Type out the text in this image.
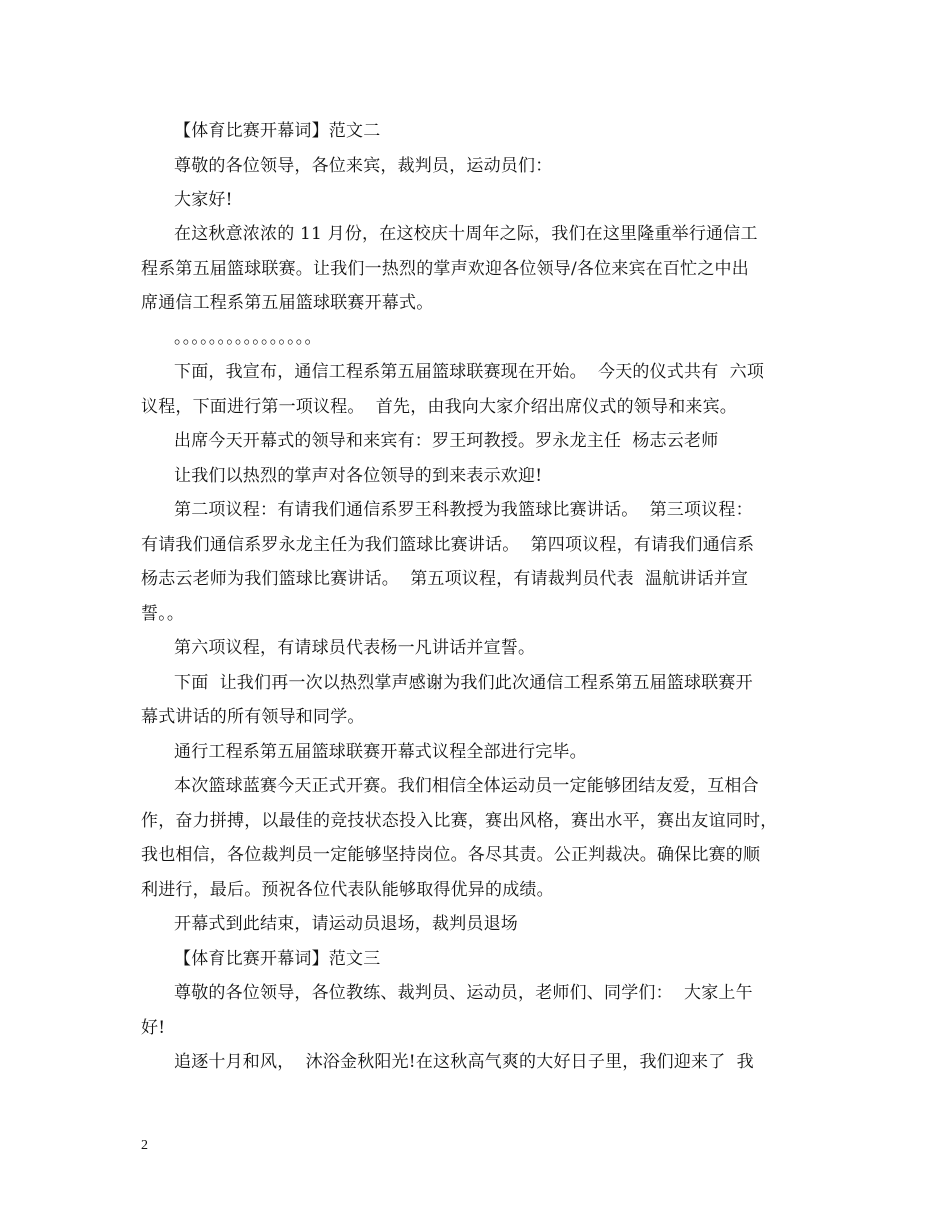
【体育比赛开幕词】范文二
尊敬的各位领导，各位来宾，裁判员，运动员们：
大家好!
在这秋意浓浓的 11 月份，在这校庆十周年之际，我们在这里隆重举行通信工
程系第五届篮球联赛。让我们一热烈的掌声欢迎各位领导/各位来宾在百忙之中出
席通信工程系第五届篮球联赛开幕式。
。。。。。。。。。。。。。。。。
下面，我宣布，通信工程系第五届篮球联赛现在开始。  今天的仪式共有  六项
议程，下面进行第一项议程。  首先，由我向大家介绍出席仪式的领导和来宾。
出席今天开幕式的领导和来宾有：罗王珂教授。罗永龙主任  杨志云老师
让我们以热烈的掌声对各位领导的到来表示欢迎!
第二项议程：有请我们通信系罗王科教授为我篮球比赛讲话。  第三项议程：
有请我们通信系罗永龙主任为我们篮球比赛讲话。  第四项议程，有请我们通信系
杨志云老师为我们篮球比赛讲话。  第五项议程，有请裁判员代表  温航讲话并宣
誓。。
第六项议程，有请球员代表杨一凡讲话并宣誓。
下面  让我们再一次以热烈掌声感谢为我们此次通信工程系第五届篮球联赛开
幕式讲话的所有领导和同学。
通行工程系第五届篮球联赛开幕式议程全部进行完毕。
本次篮球蓝赛今天正式开赛。我们相信全体运动员一定能够团结友爱，互相合
作，奋力拼搏，以最佳的竞技状态投入比赛，赛出风格，赛出水平，赛出友谊同时，
我也相信，各位裁判员一定能够坚持岗位。各尽其责。公正判裁决。确保比赛的顺
利进行，最后。预祝各位代表队能够取得优异的成绩。
开幕式到此结束，请运动员退场，裁判员退场
【体育比赛开幕词】范文三
尊敬的各位领导，各位教练、裁判员、运动员，老师们、同学们：  大家上午
好!
追逐十月和风，  沐浴金秋阳光!在这秋高气爽的大好日子里，我们迎来了  我
2
